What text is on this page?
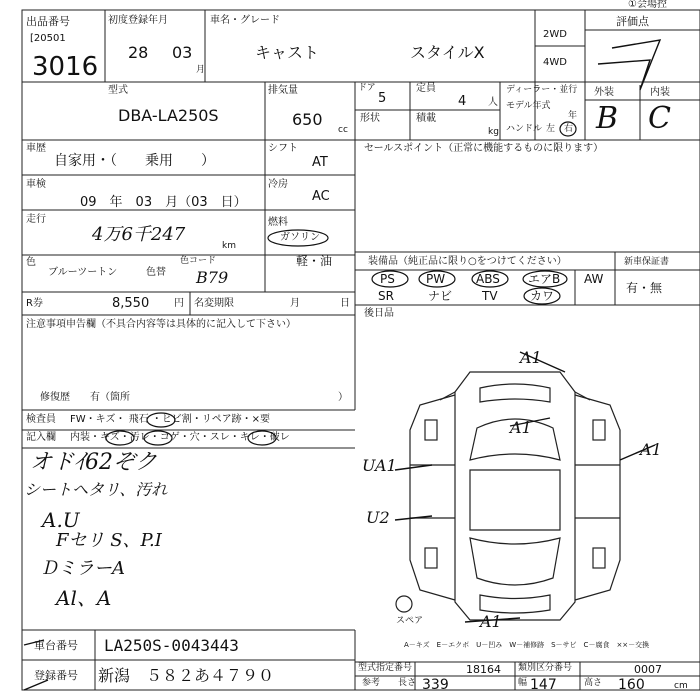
出品番号
[20501
3016
初度登録年月
28 03
月
車名・グレード
キャスト	スタイルX
2WD
4WD
評価点
①会場控
型式
DBA-LA250S
排気量
650
cc
ドア
5
定員
4 人
形状	積載
kg
ディーラー・並行
モデル年式
年
ハンドル 左 右
外装	内装
B C
車歴
自家用・（　　乗用　　）
シフト
AT
車検
09　年　03　月（03　日）
冷房
AC
走行
4万6千247
km
燃料
ガソリン
軽・油
色
ブルーツートン	色替
色コード
B79
R券	8,550 円 名変期限	月	日
注意事項申告欄（不具合内容等は具体的に記入して下さい）
修復歴　　有（箇所	）
検査員 FW・キズ・ 飛石 ・ヒビ割・リペア跡・×要
記入欄 内装・キズ・汚レ・コゲ・穴・スレ・キレ・破レ
オドｲ62ぞク
シートヘタリ、汚れ
A.U
Fセリ S、P.I
ＤミラーA
Al、A
セールスポイント（正常に機能するものに限ります）
装備品（純正品に限り○をつけてください）	新車保証書
有・無
PS	PW	ABS エアB AW
SR	ナビ TV	カワ
後日品
スペア
A－キズ　E－エクボ　U－凹み　W－補修跡　S－サビ　C－腐食　××－交換
A1
A1
A1
A1
UA1
U2
車台番号 LA250S-0043443
登録番号 新潟　５８２あ４７９０	型式指定番号	18164 類別区分番号	0007
参考 長さ 339	幅 147	高さ 160	cm
